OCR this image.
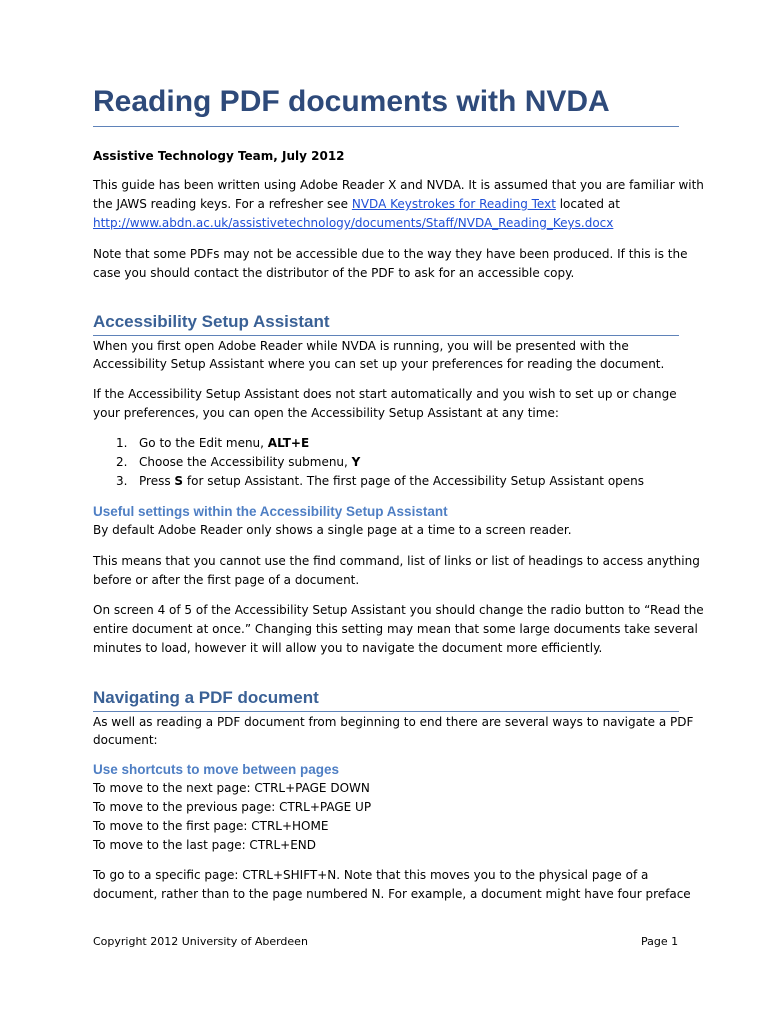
Reading PDF documents with NVDA

Assistive Technology Team, July 2012

This guide has been written using Adobe Reader X and NVDA. It is assumed that you are familiar with

the JAWS reading keys. For a refresher see NVDA Keystrokes for Reading Text located at

http://www.abdn.ac.uk/assistivetechnology/documents/Staff/NVDA_Reading_Keys.docx

Note that some PDFs may not be accessible due to the way they have been produced. If this is the

case you should contact the distributor of the PDF to ask for an accessible copy.

Accessibility Setup Assistant

When you first open Adobe Reader while NVDA is running, you will be presented with the

Accessibility Setup Assistant where you can set up your preferences for reading the document.

If the Accessibility Setup Assistant does not start automatically and you wish to set up or change

your preferences, you can open the Accessibility Setup Assistant at any time:

1. Go to the Edit menu, ALT+E
2. Choose the Accessibility submenu, Y
3. Press S for setup Assistant. The first page of the Accessibility Setup Assistant opens
Useful settings within the Accessibility Setup Assistant

By default Adobe Reader only shows a single page at a time to a screen reader.

This means that you cannot use the find command, list of links or list of headings to access anything

before or after the first page of a document.

On screen 4 of 5 of the Accessibility Setup Assistant you should change the radio button to “Read the

entire document at once.” Changing this setting may mean that some large documents take several

minutes to load, however it will allow you to navigate the document more efficiently.

Navigating a PDF document

As well as reading a PDF document from beginning to end there are several ways to navigate a PDF

document:

Use shortcuts to move between pages

To move to the next page: CTRL+PAGE DOWN

To move to the previous page: CTRL+PAGE UP

To move to the first page: CTRL+HOME

To move to the last page: CTRL+END

To go to a specific page: CTRL+SHIFT+N. Note that this moves you to the physical page of a

document, rather than to the page numbered N. For example, a document might have four preface

Copyright 2012 University of Aberdeen	Page 1
